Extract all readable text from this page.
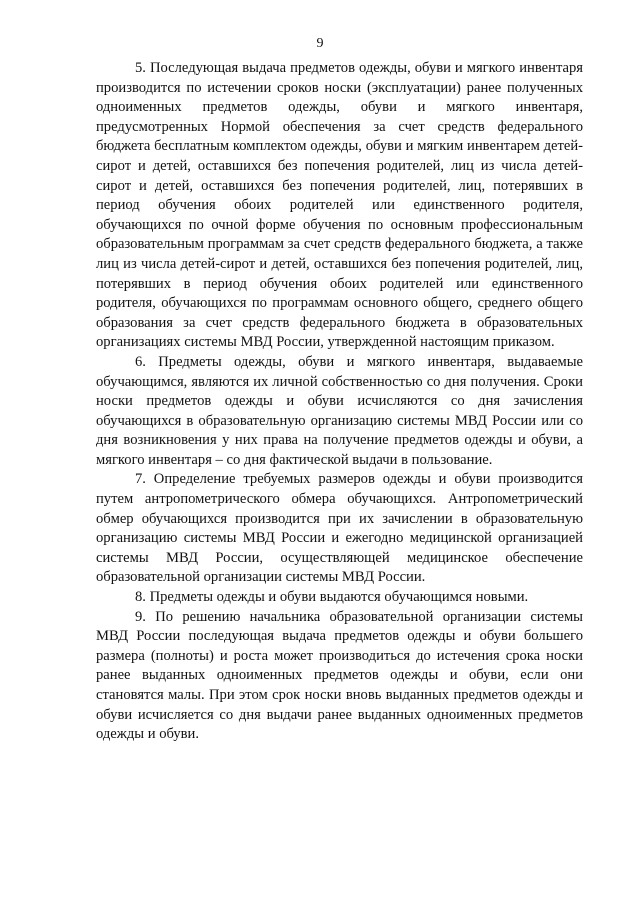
9

5. Последующая выдача предметов одежды, обуви и мягкого инвентаря производится по истечении сроков носки (эксплуатации) ранее полученных одноименных предметов одежды, обуви и мягкого инвентаря, предусмотренных Нормой обеспечения за счет средств федерального бюджета бесплатным комплектом одежды, обуви и мягким инвентарем детей-сирот и детей, оставшихся без попечения родителей, лиц из числа детей-сирот и детей, оставшихся без попечения родителей, лиц, потерявших в период обучения обоих родителей или единственного родителя, обучающихся по очной форме обучения по основным профессиональным образовательным программам за счет средств федерального бюджета, а также лиц из числа детей-сирот и детей, оставшихся без попечения родителей, лиц, потерявших в период обучения обоих родителей или единственного родителя, обучающихся по программам основного общего, среднего общего образования за счет средств федерального бюджета в образовательных организациях системы МВД России, утвержденной настоящим приказом.

6. Предметы одежды, обуви и мягкого инвентаря, выдаваемые обучающимся, являются их личной собственностью со дня получения. Сроки носки предметов одежды и обуви исчисляются со дня зачисления обучающихся в образовательную организацию системы МВД России или со дня возникновения у них права на получение предметов одежды и обуви, а мягкого инвентаря – со дня фактической выдачи в пользование.

7. Определение требуемых размеров одежды и обуви производится путем антропометрического обмера обучающихся. Антропометрический обмер обучающихся производится при их зачислении в образовательную организацию системы МВД России и ежегодно медицинской организацией системы МВД России, осуществляющей медицинское обеспечение образовательной организации системы МВД России.

8. Предметы одежды и обуви выдаются обучающимся новыми.

9. По решению начальника образовательной организации системы МВД России последующая выдача предметов одежды и обуви большего размера (полноты) и роста может производиться до истечения срока носки ранее выданных одноименных предметов одежды и обуви, если они становятся малы. При этом срок носки вновь выданных предметов одежды и обуви исчисляется со дня выдачи ранее выданных одноименных предметов одежды и обуви.
